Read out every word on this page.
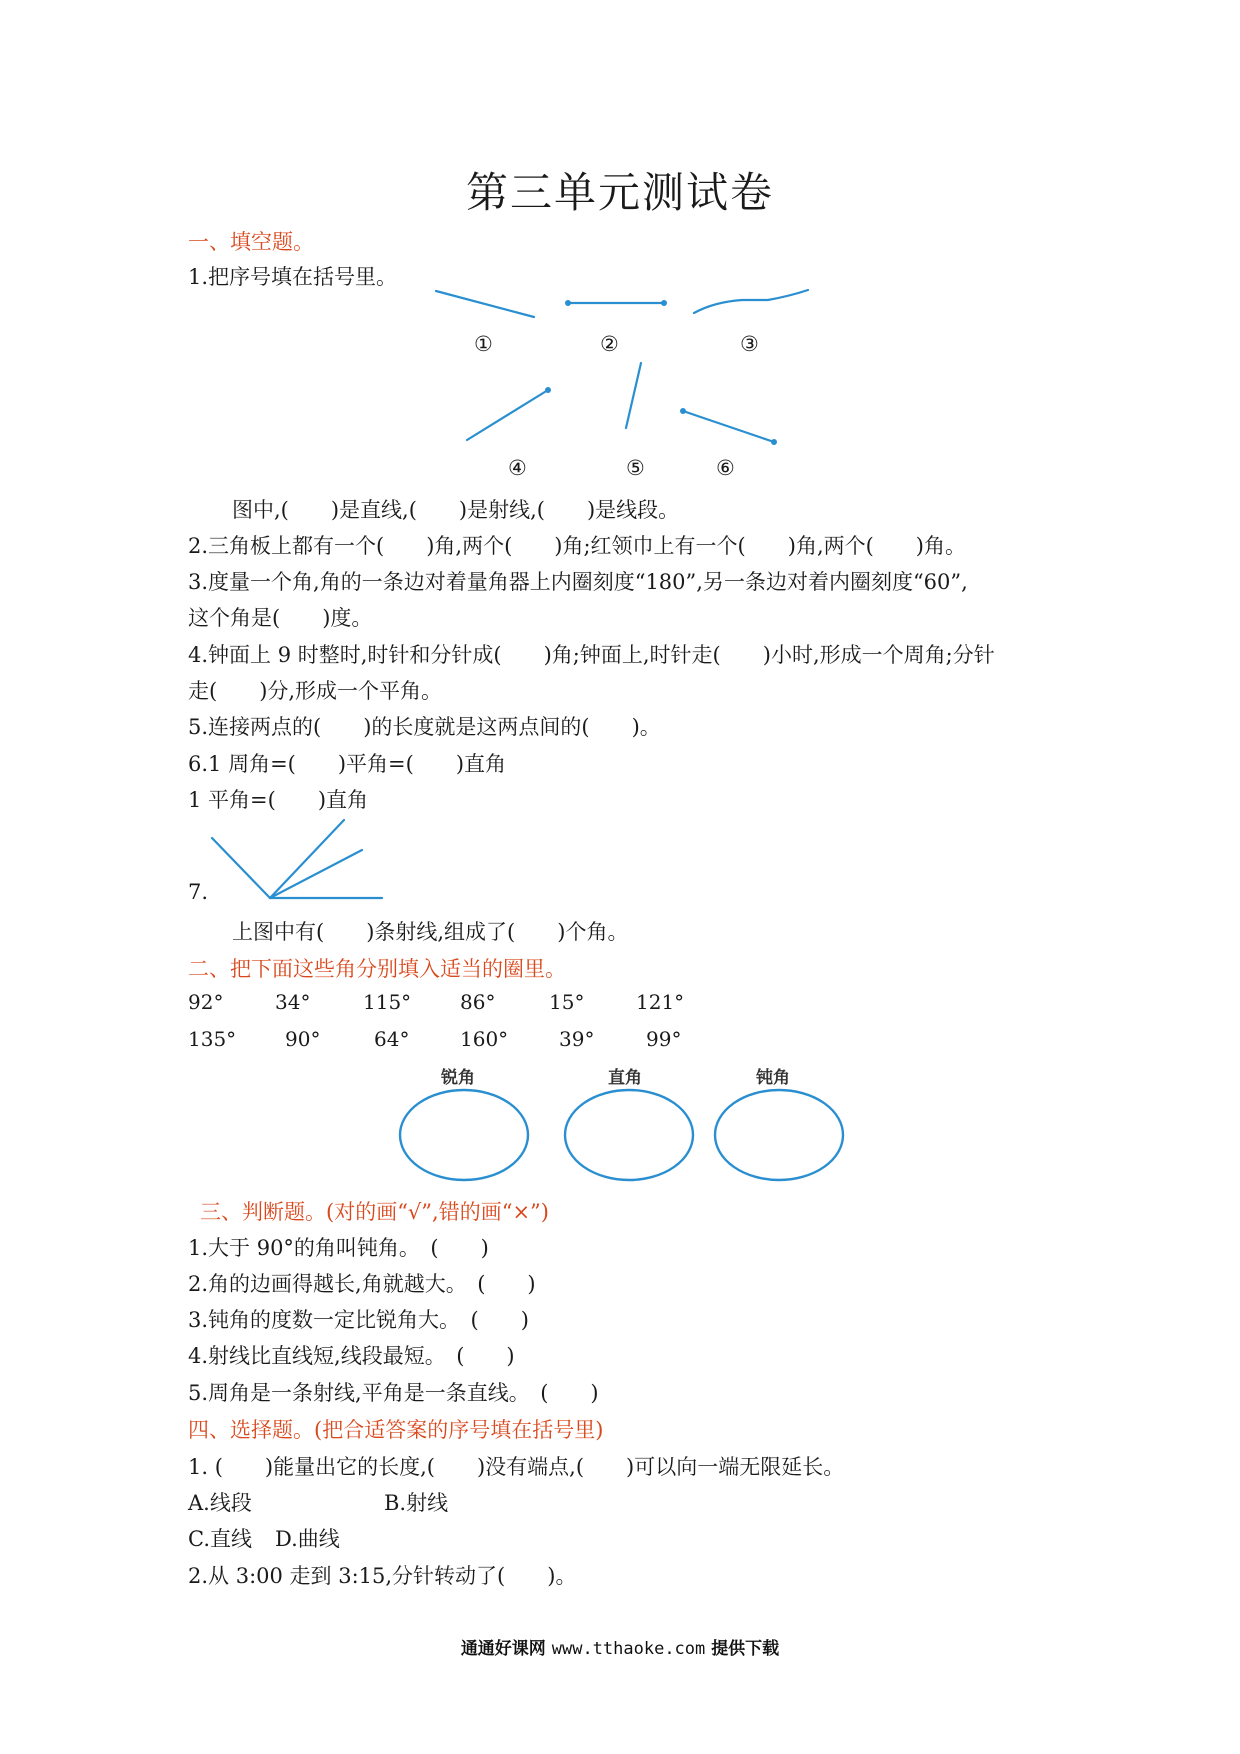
第三单元测试卷
一、填空题。
1.把序号填在括号里。
①	②	③
④	⑤	⑥
图中,(　　)是直线,(　　)是射线,(　　)是线段。
2.三角板上都有一个(　　)角,两个(　　)角;红领巾上有一个(　　)角,两个(　　)角。
3.度量一个角,角的一条边对着量角器上内圈刻度“180”,另一条边对着内圈刻度“60”,
这个角是(　　)度。
4.钟面上 9 时整时,时针和分针成(　　)角;钟面上,时针走(　　)小时,形成一个周角;分针
走(　　)分,形成一个平角。
5.连接两点的(　　)的长度就是这两点间的(　　)。
6.1 周角=(　　)平角=(　　)直角
1 平角=(　　)直角
7.
上图中有(　　)条射线,组成了(　　)个角。
二、把下面这些角分别填入适当的圈里。
92°	34°	115° 86°	15°	121°
135° 90°	64°	160°	39°	99°
锐角	直角	钝角
三、判断题。(对的画“√”,错的画“×”)
1.大于 90°的角叫钝角。　(　　)
2.角的边画得越长,角就越大。　(　　)
3.钝角的度数一定比锐角大。　(　　)
4.射线比直线短,线段最短。　(　　)
5.周角是一条射线,平角是一条直线。　(　　)
四、选择题。(把合适答案的序号填在括号里)
1. (　　)能量出它的长度,(　　)没有端点,(　　)可以向一端无限延长。
A.线段	B.射线
C.直线 D.曲线
2.从 3:00 走到 3:15,分针转动了(　　)。
通通好课网 www.tthaoke.com 提供下载
